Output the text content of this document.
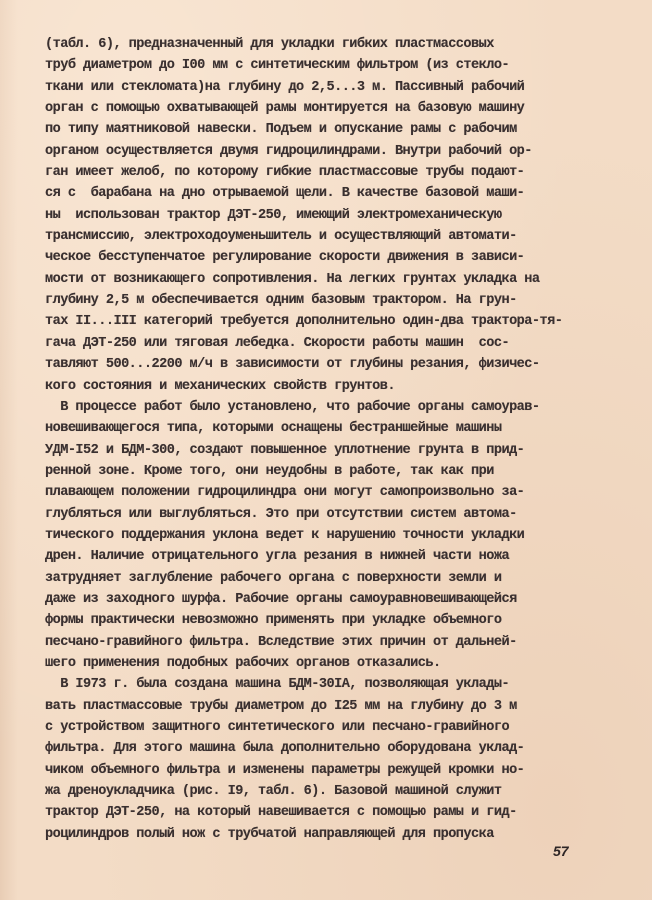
(табл. 6), предназначенный для укладки гибких пластмассовых
труб диаметром до I00 мм с синтетическим фильтром (из стекло-
ткани или стекломата)на глубину до 2,5...3 м. Пассивный рабочий
орган с помощью охватывающей рамы монтируется на базовую машину
по типу маятниковой навески. Подъем и опускание рамы с рабочим
органом осуществляется двумя гидроцилиндрами. Внутри рабочий ор-
ган имеет желоб, по которому гибкие пластмассовые трубы подают-
ся с  барабана на дно отрываемой щели. В качестве базовой маши-
ны  использован трактор ДЭТ-250, имеющий электромеханическую
трансмиссию, электроходоуменьшитель и осуществляющий автомати-
ческое бесступенчатое регулирование скорости движения в зависи-
мости от возникающего сопротивления. На легких грунтах укладка на
глубину 2,5 м обеспечивается одним базовым трактором. На грун-
тах II...III категорий требуется дополнительно один-два трактора-тя-
гача ДЭТ-250 или тяговая лебедка. Скорости работы машин  сос-
тавляют 500...2200 м/ч в зависимости от глубины резания, физичес-
кого состояния и механических свойств грунтов.
В процессе работ было установлено, что рабочие органы самоурав-
новешивающегося типа, которыми оснащены бестраншейные машины
УДМ-I52 и БДМ-300, создают повышенное уплотнение грунта в прид-
ренной зоне. Кроме того, они неудобны в работе, так как при
плавающем положении гидроцилиндра они могут самопроизвольно за-
глубляться или выглубляться. Это при отсутствии систем автома-
тического поддержания уклона ведет к нарушению точности укладки
дрен. Наличие отрицательного угла резания в нижней части ножа
затрудняет заглубление рабочего органа с поверхности земли и
даже из заходного шурфа. Рабочие органы самоуравновешивающейся
формы практически невозможно применять при укладке объемного
песчано-гравийного фильтра. Вследствие этих причин от дальней-
шего применения подобных рабочих органов отказались.
В I973 г. была создана машина БДМ-30IА, позволяющая уклады-
вать пластмассовые трубы диаметром до I25 мм на глубину до 3 м
с устройством защитного синтетического или песчано-гравийного
фильтра. Для этого машина была дополнительно оборудована уклад-
чиком объемного фильтра и изменены параметры режущей кромки но-
жа дреноукладчика (рис. I9, табл. 6). Базовой машиной служит
трактор ДЭТ-250, на который навешивается с помощью рамы и гид-
роцилиндров полый нож с трубчатой направляющей для пропуска
57
